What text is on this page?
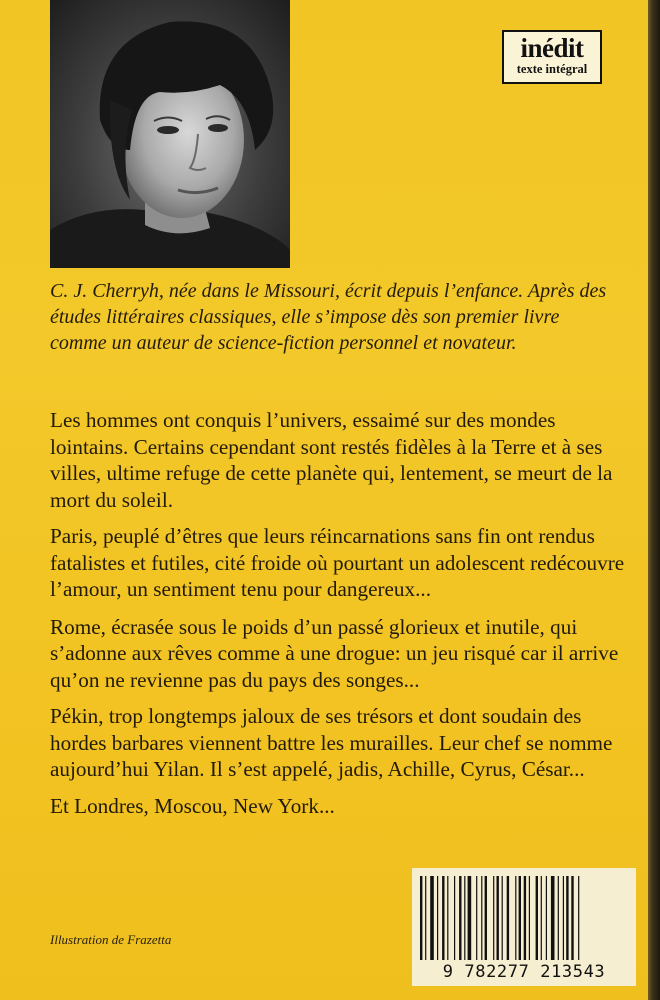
inédit
texte intégral

C. J. Cherryh, née dans le Missouri, écrit depuis l’enfance. Après des études littéraires classiques, elle s’impose dès son premier livre comme un auteur de science-fiction personnel et novateur.

Les hommes ont conquis l’univers, essaimé sur des mondes lointains. Certains cependant sont restés fidèles à la Terre et à ses villes, ultime refuge de cette planète qui, lentement, se meurt de la mort du soleil.

Paris, peuplé d’êtres que leurs réincarnations sans fin ont rendus fatalistes et futiles, cité froide où pourtant un adolescent redécouvre l’amour, un sentiment tenu pour dangereux...

Rome, écrasée sous le poids d’un passé glorieux et inutile, qui s’adonne aux rêves comme à une drogue: un jeu risqué car il arrive qu’on ne revienne pas du pays des songes...

Pékin, trop longtemps jaloux de ses trésors et dont soudain des hordes barbares viennent battre les murailles. Leur chef se nomme aujourd’hui Yilan. Il s’est appelé, jadis, Achille, Cyrus, César...

Et Londres, Moscou, New York...

Illustration de Frazetta
9 782277 213543
